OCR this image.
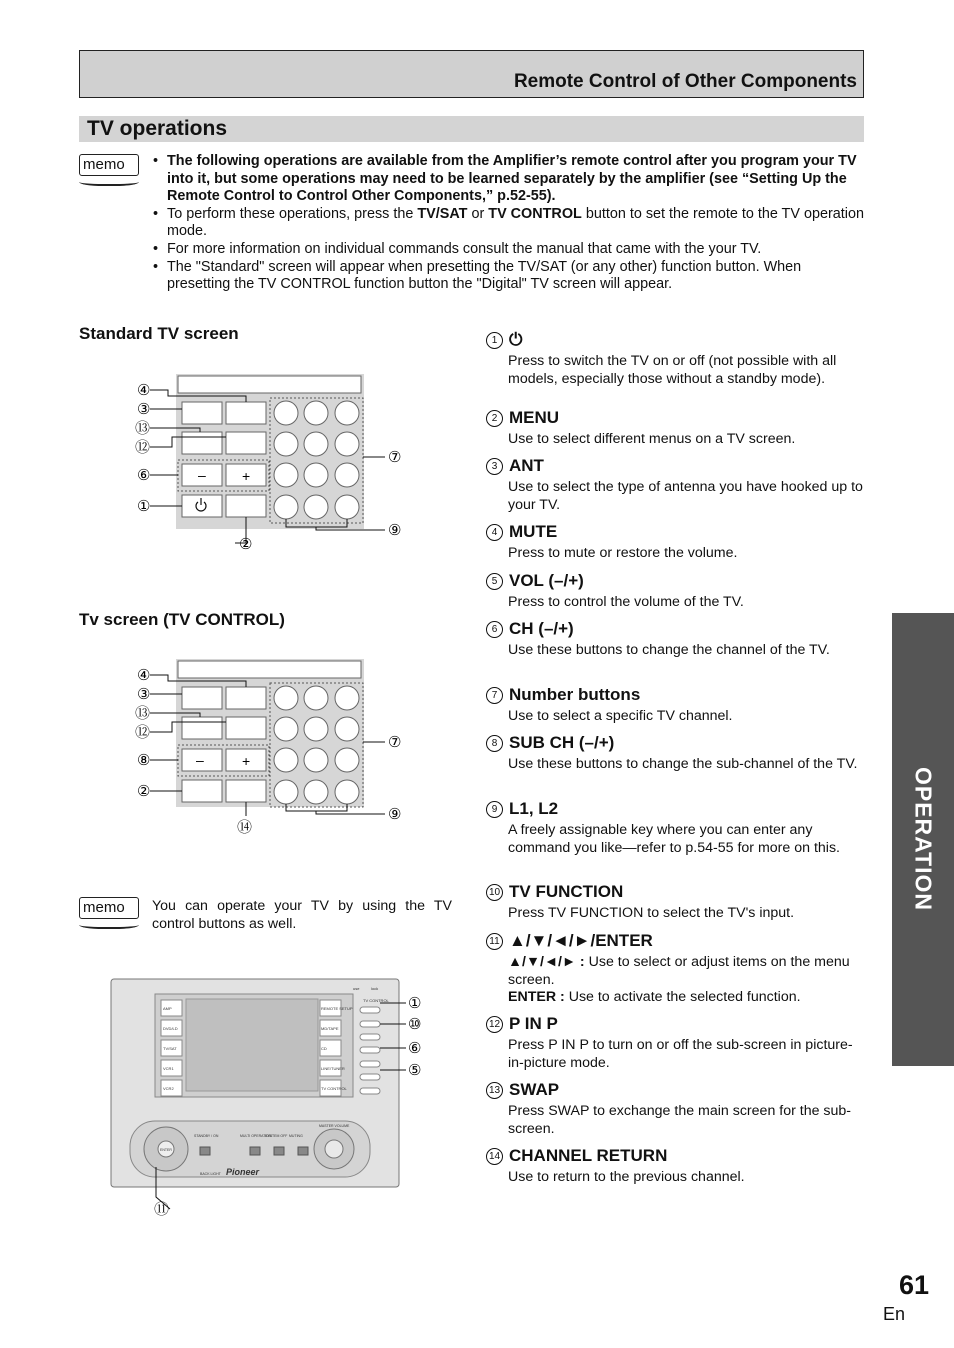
Remote Control of Other Components
TV operations
memo
•	The following operations are available from the Amplifier’s remote control after you program your TV into it, but some operations may need to be learned separately by the amplifier (see “Setting Up the Remote Control to Control Other Components,” p.52-55).
• To perform these operations, press the TV/SAT or TV CONTROL button to set the remote to the TV operation mode.
• For more information on individual commands consult the manual that came with the your TV.
• The "Standard" screen will appear when presetting the TV/SAT (or any other) function button. When presetting the TV CONTROL function button the "Digital" TV screen will appear.
Standard TV screen
–	+
④
③
⑬
⑫
⑥
①
②
⑦
⑨
Tv screen (TV CONTROL)
–	+
④
③
⑬
⑫
⑧
②
⑭
⑦
⑨
memo	You can operate your TV by using the TV control buttons as well.
AMP
DVD/LD
TV/SAT
VCR1
VCR2
REMOTE SETUP
MD/TAPE
CD
LINE/TUNER
TV CONTROL
use	lock
TV CONTROL
STANDBY / ON	MULTI OPERATION
SYSTEM OFF MUTING
MASTER VOLUME
BACK LIGHT
ENTER
Pioneer
①
⑩
⑥
⑤
⑪
1 ⏻
Press to switch the TV on or off (not possible with all models, especially those without a standby mode).
2 MENU
Use to select different menus on a TV screen.
3 ANT
Use to select the type of antenna you have hooked up to your TV.
4 MUTE
Press to mute or restore the volume.
5 VOL (–/+)
Press to control the volume of the TV.
6 CH (–/+)
Use these buttons to change the channel of the TV.
7 Number buttons
Use to select a specific TV channel.
8 SUB CH (–/+)
Use these buttons to change the sub-channel of the TV.
9 L1, L2
A freely assignable key where you can enter any command you like—refer to p.54-55 for more on this.
10 TV FUNCTION
Press TV FUNCTION to select the TV's input.
11 ▲/▼/◄/►/ENTER
▲/▼/◄/► : Use to select or adjust items on the menu screen.
ENTER : Use to activate the selected function.
12 P IN P
Press P IN P to turn on or off the sub-screen in picture-in-picture mode.
13 SWAP
Press SWAP to exchange the main screen for the sub-screen.
14 CHANNEL RETURN
Use to return to the previous channel.
OPERATION
61
En
